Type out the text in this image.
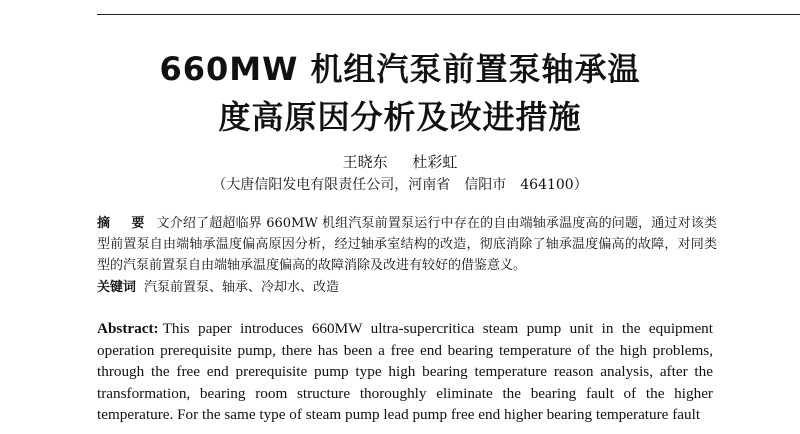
660MW 机组汽泵前置泵轴承温
度高原因分析及改进措施
王晓东 杜彩虹
（大唐信阳发电有限责任公司，河南省　信阳市　464100）
摘　要 文介绍了超超临界 660MW 机组汽泵前置泵运行中存在的自由端轴承温度高的问题，通过对该类型前置泵自由端轴承温度偏高原因分析，经过轴承室结构的改造，彻底消除了轴承温度偏高的故障，对同类型的汽泵前置泵自由端轴承温度偏高的故障消除及改进有较好的借鉴意义。
关键词 汽泵前置泵、轴承、冷却水、改造
Abstract: This paper introduces 660MW ultra-supercritica steam pump unit in the equipment operation prerequisite pump, there has been a free end bearing temperature of the high problems, through the free end prerequisite pump type high bearing temperature reason analysis, after the transformation, bearing room structure thoroughly eliminate the bearing fault of the higher temperature. For the same type of steam pump lead pump free end higher bearing temperature fault
